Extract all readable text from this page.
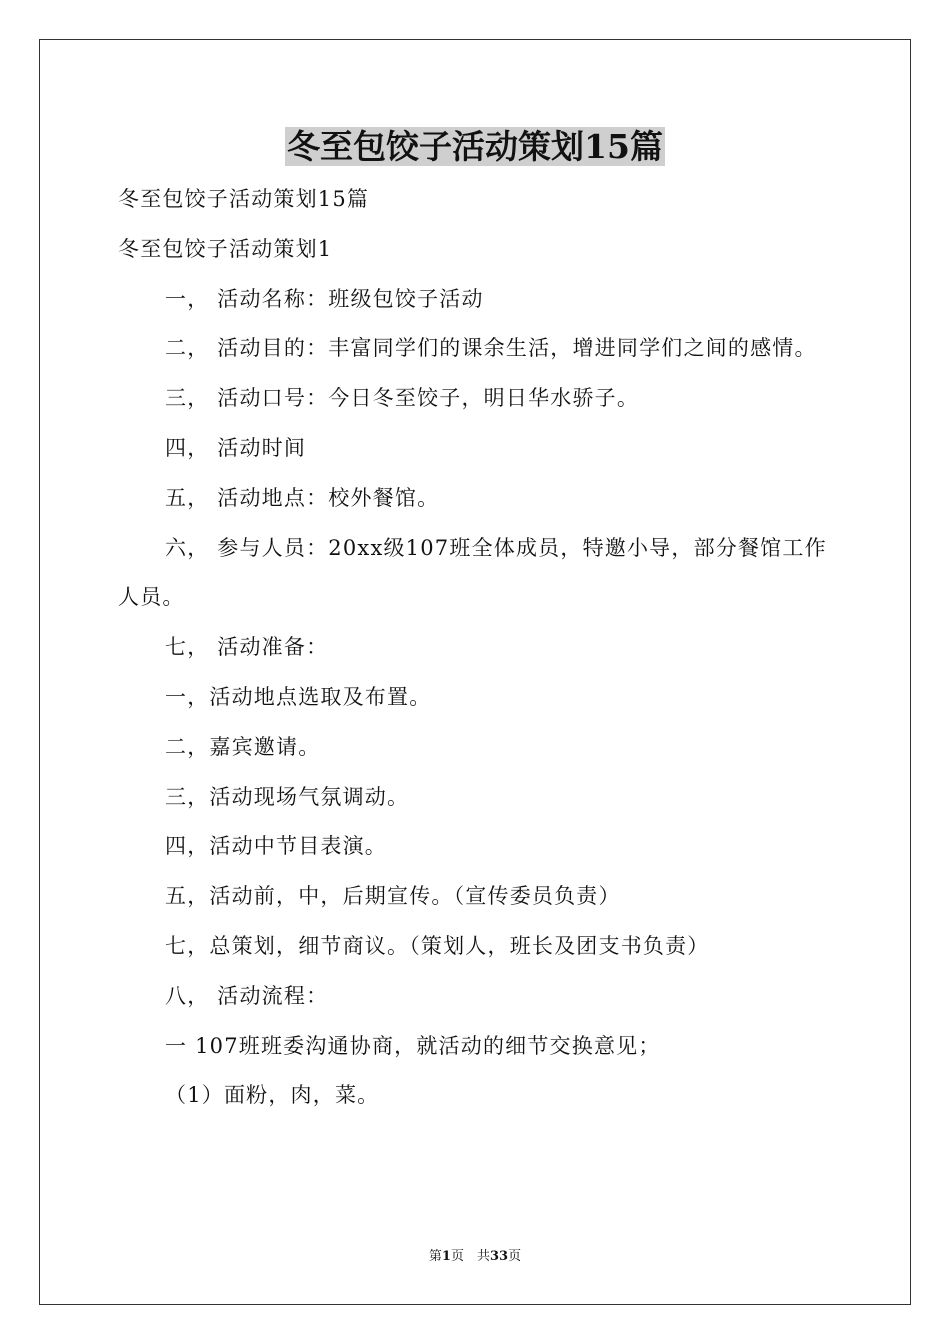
冬至包饺子活动策划15篇

冬至包饺子活动策划15篇

冬至包饺子活动策划1

一， 活动名称：班级包饺子活动

二， 活动目的：丰富同学们的课余生活，增进同学们之间的感情。

三， 活动口号：今日冬至饺子，明日华水骄子。

四， 活动时间

五， 活动地点：校外餐馆。

六， 参与人员：20xx级107班全体成员，特邀小导，部分餐馆工作人员。

七， 活动准备：

一，活动地点选取及布置。

二，嘉宾邀请。

三，活动现场气氛调动。

四，活动中节目表演。

五，活动前，中，后期宣传。（宣传委员负责）

七，总策划，细节商议。（策划人，班长及团支书负责）

八， 活动流程：

一 107班班委沟通协商，就活动的细节交换意见；

（1）面粉，肉，菜。

第1页　共33页
